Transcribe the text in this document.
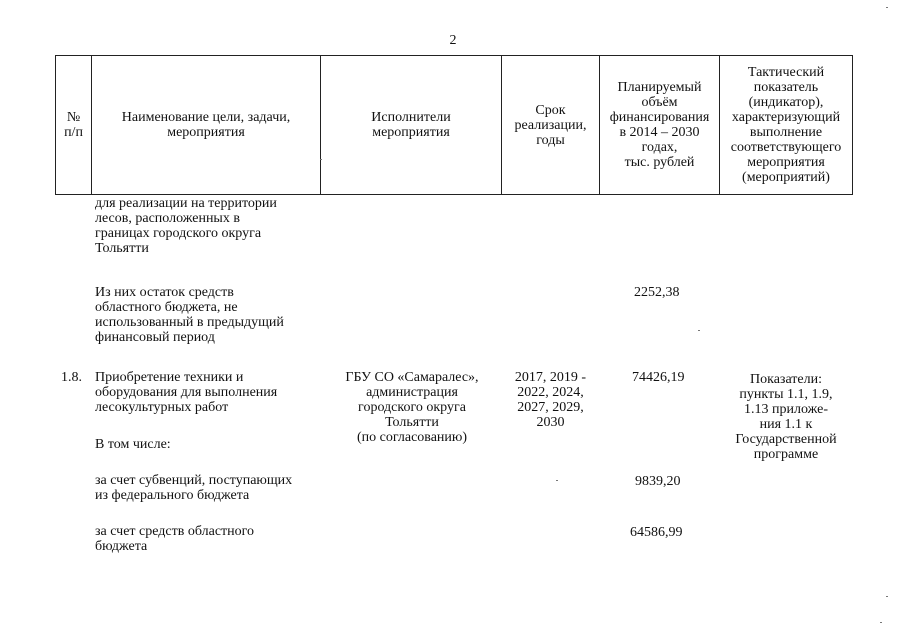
2
№
п/п
Наименование цели, задачи,
мероприятия
Исполнители
мероприятия
Срок
реализации,
годы
Планируемый
объём
финансирования
в 2014 – 2030
годах,
тыс. рублей
Тактический
показатель
(индикатор),
характеризующий
выполнение
соответствующего
мероприятия
(мероприятий)
для реализации на территории
лесов, расположенных в
границах городского округа
Тольятти
Из них остаток средств
областного бюджета, не
использованный в предыдущий
финансовый период
2252,38
1.8. Приобретение техники и
оборудования для выполнения
лесокультурных работ
ГБУ СО «Самаралес»,
администрация
городского округа
Тольятти
(по согласованию)
2017, 2019 -
2022, 2024,
2027, 2029,
2030
74426,19	Показатели:
пункты 1.1, 1.9,
1.13 приложе-
ния 1.1 к
Государственной
программе
В том числе:
за счет субвенций, поступающих
из федерального бюджета
9839,20
за счет средств областного
бюджета
64586,99
